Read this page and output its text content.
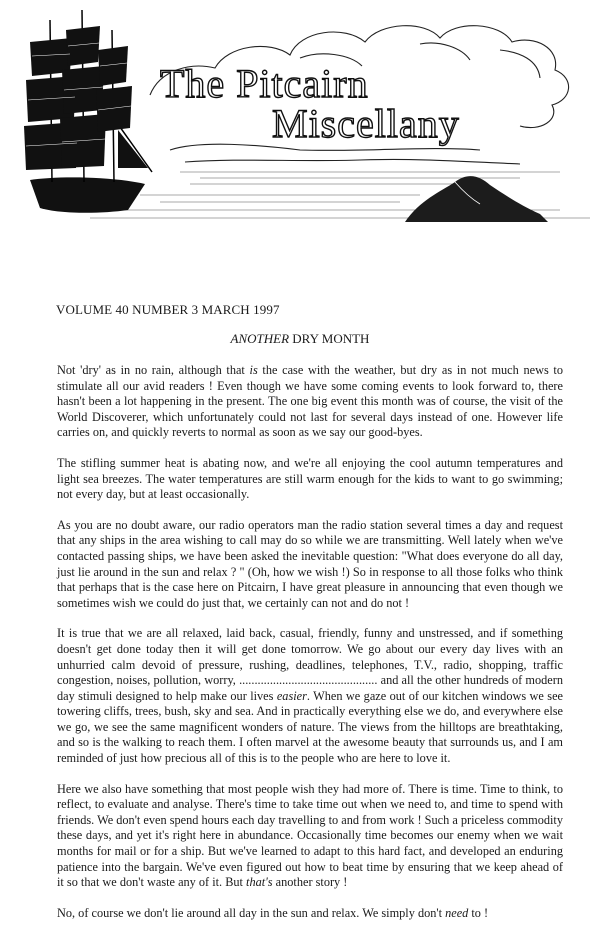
The Pitcairn
Miscellany
VOLUME 40 NUMBER 3 MARCH 1997
ANOTHER DRY MONTH

Not 'dry' as in no rain, although that is the case with the weather, but dry as in not much news to stimulate all our avid readers ! Even though we have some coming events to look forward to, there hasn't been a lot happening in the present. The one big event this month was of course, the visit of the World Discoverer, which unfortunately could not last for several days instead of one. However life carries on, and quickly reverts to normal as soon as we say our good-byes.

The stifling summer heat is abating now, and we're all enjoying the cool autumn temperatures and light sea breezes. The water temperatures are still warm enough for the kids to want to go swimming; not every day, but at least occasionally.

As you are no doubt aware, our radio operators man the radio station several times a day and request that any ships in the area wishing to call may do so while we are transmitting. Well lately when we've contacted passing ships, we have been asked the inevitable question: "What does everyone do all day, just lie around in the sun and relax ? " (Oh, how we wish !) So in response to all those folks who think that perhaps that is the case here on Pitcairn, I have great pleasure in announcing that even though we sometimes wish we could do just that, we certainly can not and do not !

It is true that we are all relaxed, laid back, casual, friendly, funny and unstressed, and if something doesn't get done today then it will get done tomorrow. We go about our every day lives with an unhurried calm devoid of pressure, rushing, deadlines, telephones, T.V., radio, shopping, traffic congestion, noises, pollution, worry, ............................................. and all the other hundreds of modern day stimuli designed to help make our lives easier. When we gaze out of our kitchen windows we see towering cliffs, trees, bush, sky and sea. And in practically everything else we do, and everywhere else we go, we see the same magnificent wonders of nature. The views from the hilltops are breathtaking, and so is the walking to reach them. I often marvel at the awesome beauty that surrounds us, and I am reminded of just how precious all of this is to the people who are here to love it.

Here we also have something that most people wish they had more of. There is time. Time to think, to reflect, to evaluate and analyse. There's time to take time out when we need to, and time to spend with friends. We don't even spend hours each day travelling to and from work ! Such a priceless commodity these days, and yet it's right here in abundance. Occasionally time becomes our enemy when we wait months for mail or for a ship. But we've learned to adapt to this hard fact, and developed an enduring patience into the bargain. We've even figured out how to beat time by ensuring that we keep ahead of it so that we don't waste any of it. But that's another story !

No, of course we don't lie around all day in the sun and relax. We simply don't need to !
